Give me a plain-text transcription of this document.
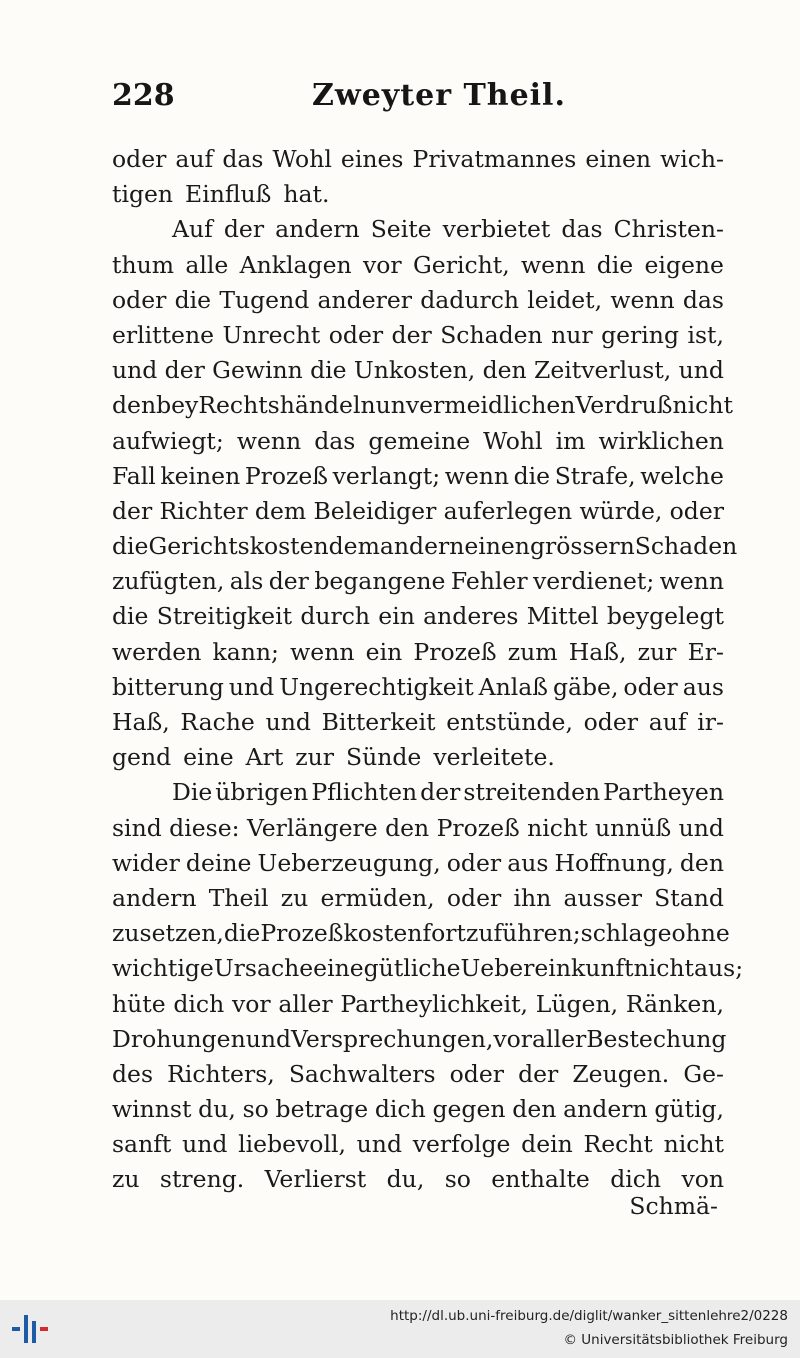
228	Zweyter Theil.
oder auf das Wohl eines Privatmannes einen wich-
tigen Einfluß hat.
Auf der andern Seite verbietet das Christen-
thum alle Anklagen vor Gericht, wenn die eigene
oder die Tugend anderer dadurch leidet, wenn das
erlittene Unrecht oder der Schaden nur gering ist,
und der Gewinn die Unkosten, den Zeitverlust, und
den bey Rechtshändeln unvermeidlichen Verdruß nicht
aufwiegt; wenn das gemeine Wohl im wirklichen
Fall keinen Prozeß verlangt; wenn die Strafe, welche
der Richter dem Beleidiger auferlegen würde, oder
die Gerichtskosten dem andern einen grössern Schaden
zufügten, als der begangene Fehler verdienet; wenn
die Streitigkeit durch ein anderes Mittel beygelegt
werden kann; wenn ein Prozeß zum Haß, zur Er-
bitterung und Ungerechtigkeit Anlaß gäbe, oder aus
Haß, Rache und Bitterkeit entstünde, oder auf ir-
gend eine Art zur Sünde verleitete.
Die übrigen Pflichten der streitenden Partheyen
sind diese: Verlängere den Prozeß nicht unnüß und
wider deine Ueberzeugung, oder aus Hoffnung, den
andern Theil zu ermüden, oder ihn ausser Stand
zu setzen, die Prozeßkosten fortzuführen; schlage ohne
wichtige Ursache eine gütliche Uebereinkunft nicht aus;
hüte dich vor aller Partheylichkeit, Lügen, Ränken,
Drohungen und Versprechungen, vor aller Bestechung
des Richters, Sachwalters oder der Zeugen. Ge-
winnst du, so betrage dich gegen den andern gütig,
sanft und liebevoll, und verfolge dein Recht nicht
zu streng. Verlierst du, so enthalte dich von
Schmä-
http://dl.ub.uni-freiburg.de/diglit/wanker_sittenlehre2/0228
© Universitätsbibliothek Freiburg
